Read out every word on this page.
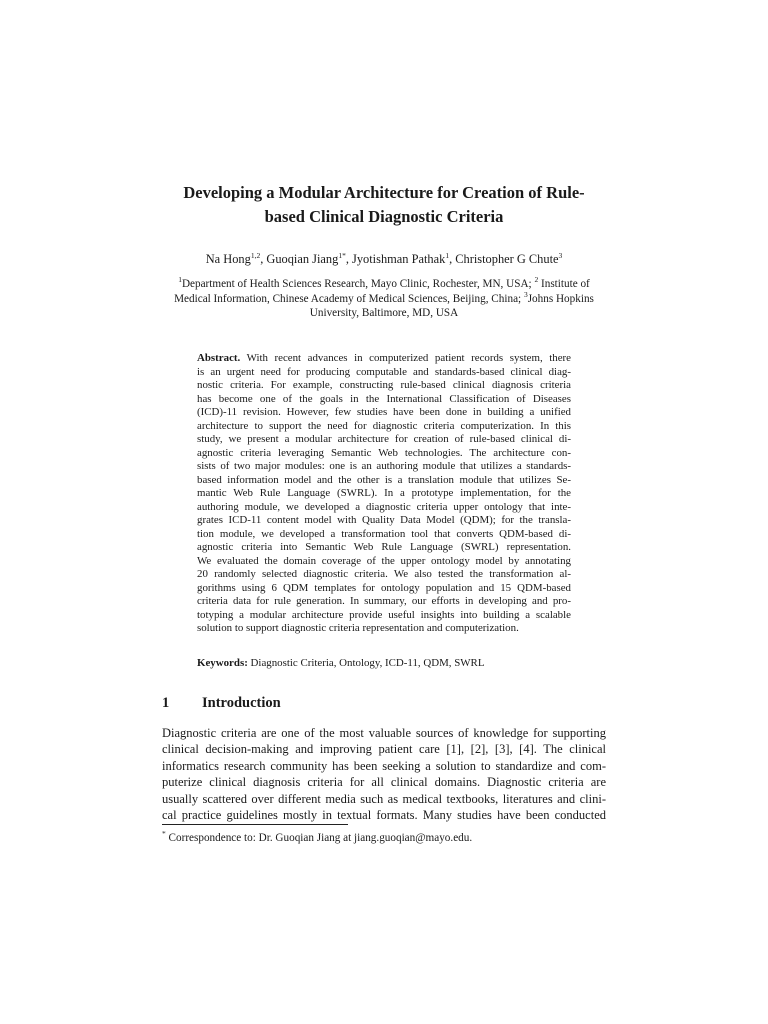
Developing a Modular Architecture for Creation of Rule-
based Clinical Diagnostic Criteria
Na Hong$^{1,2}$, Guoqian Jiang$^{1*}$, Jyotishman Pathak$^1$, Christopher G Chute$^3$
$^1$Department of Health Sciences Research, Mayo Clinic, Rochester, MN, USA; $^2$ Institute of
Medical Information, Chinese Academy of Medical Sciences, Beijing, China; $^3$Johns Hopkins
University, Baltimore, MD, USA
Abstract. With recent advances in computerized patient records system, there
is an urgent need for producing computable and standards-based clinical diag-
nostic criteria. For example, constructing rule-based clinical diagnosis criteria
has become one of the goals in the International Classification of Diseases
(ICD)-11 revision. However, few studies have been done in building a unified
architecture to support the need for diagnostic criteria computerization. In this
study, we present a modular architecture for creation of rule-based clinical di-
agnostic criteria leveraging Semantic Web technologies. The architecture con-
sists of two major modules: one is an authoring module that utilizes a standards-
based information model and the other is a translation module that utilizes Se-
mantic Web Rule Language (SWRL). In a prototype implementation, for the
authoring module, we developed a diagnostic criteria upper ontology that inte-
grates ICD-11 content model with Quality Data Model (QDM); for the transla-
tion module, we developed a transformation tool that converts QDM-based di-
agnostic criteria into Semantic Web Rule Language (SWRL) representation.
We evaluated the domain coverage of the upper ontology model by annotating
20 randomly selected diagnostic criteria. We also tested the transformation al-
gorithms using 6 QDM templates for ontology population and 15 QDM-based
criteria data for rule generation. In summary, our efforts in developing and pro-
totyping a modular architecture provide useful insights into building a scalable
solution to support diagnostic criteria representation and computerization.
Keywords: Diagnostic Criteria, Ontology, ICD-11, QDM, SWRL
1 Introduction
Diagnostic criteria are one of the most valuable sources of knowledge for supporting
clinical decision-making and improving patient care [1], [2], [3], [4]. The clinical
informatics research community has been seeking a solution to standardize and com-
puterize clinical diagnosis criteria for all clinical domains. Diagnostic criteria are
usually scattered over different media such as medical textbooks, literatures and clini-
cal practice guidelines mostly in textual formats. Many studies have been conducted
* Correspondence to: Dr. Guoqian Jiang at jiang.guoqian@mayo.edu.
